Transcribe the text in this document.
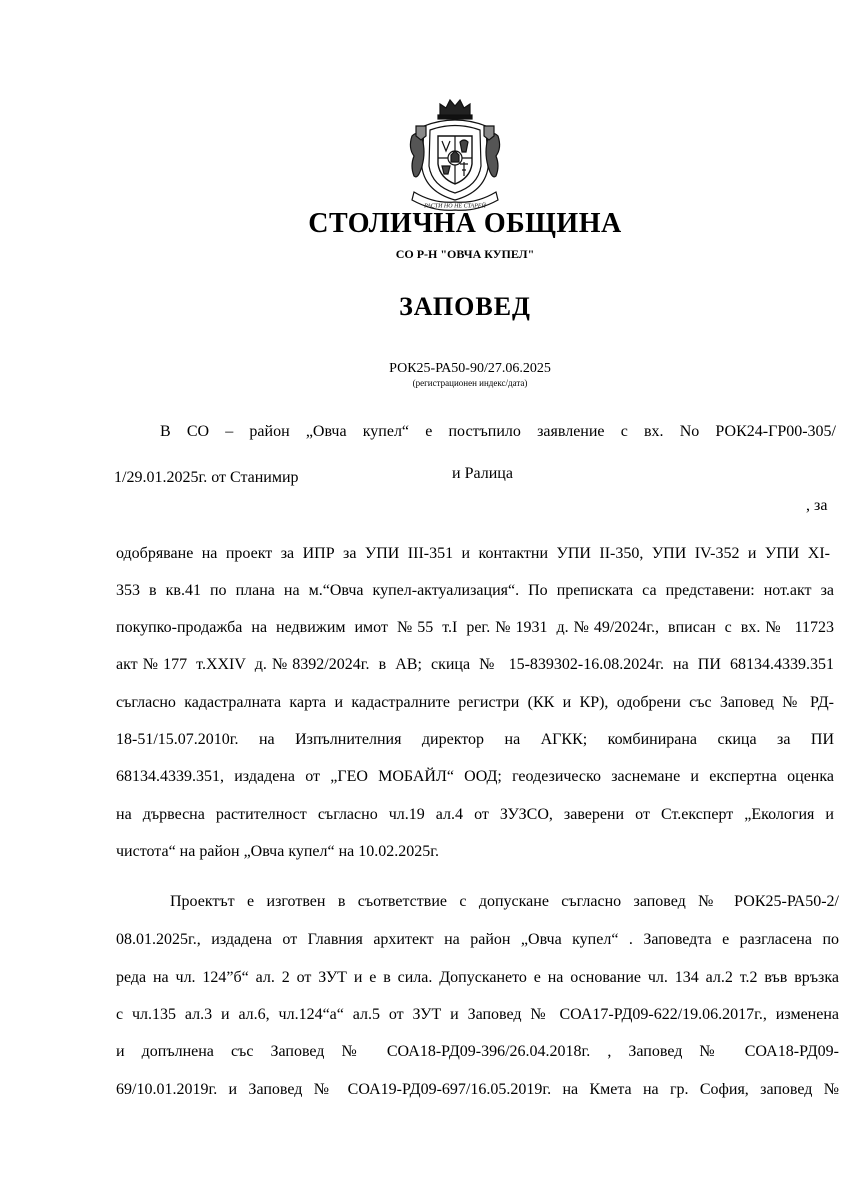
РАСТИ НО НЕ СТАРЕЙ
СТОЛИЧНА ОБЩИНА
СО Р-Н "ОВЧА КУПЕЛ"
ЗАПОВЕД
РОК25-РА50-90/27.06.2025
(регистрационен индекс/дата)
В СО – район „Овча купел“ е постъпило заявление с вх. No РОК24-ГР00-305/
1/29.01.2025г. от Станимир	и Ралица
, за
одобряване на проект за ИПР за УПИ III-351 и контактни УПИ II-350, УПИ IV-352 и УПИ XI-
353 в кв.41 по плана на м.“Овча купел-актуализация“. По преписката са представени: нот.акт за
покупко-продажба на недвижим имот №55 т.I рег.№1931 д.№49/2024г., вписан с вх.№ 11723
акт№177 т.XXIV д.№8392/2024г. в АВ; скица № 15-839302-16.08.2024г. на ПИ 68134.4339.351
съгласно кадастралната карта и кадастралните регистри (КК и КР), одобрени със Заповед № РД-
18-51/15.07.2010г. на Изпълнителния директор на АГКК; комбинирана скица за ПИ
68134.4339.351, издадена от „ГЕО МОБАЙЛ“ ООД; геодезическо заснемане и експертна оценка
на дървесна растителност съгласно чл.19 ал.4 от ЗУЗСО, заверени от Ст.експерт „Екология и
чистота“ на район „Овча купел“ на 10.02.2025г.
Проектът е изготвен в съответствие с допускане съгласно заповед № РОК25-РА50-2/
08.01.2025г., издадена от Главния архитект на район „Овча купел“ . Заповедта е разгласена по
реда на чл. 124”б“ ал. 2 от ЗУТ и е в сила. Допускането е на основание чл. 134 ал.2 т.2 във връзка
с чл.135 ал.3 и ал.6, чл.124“а“ ал.5 от ЗУТ и Заповед № СОА17-РД09-622/19.06.2017г., изменена
и допълнена със Заповед № СОА18-РД09-396/26.04.2018г. , Заповед № СОА18-РД09-
69/10.01.2019г. и Заповед № СОА19-РД09-697/16.05.2019г. на Кмета на гр. София, заповед №
